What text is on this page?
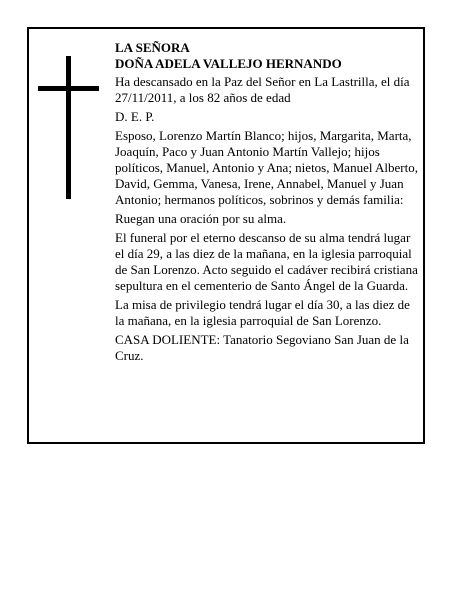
LA SEÑORA
DOÑA ADELA VALLEJO HERNANDO

Ha descansado en la Paz del Señor en La Lastrilla, el día 27/11/2011, a los 82 años de edad

D. E. P.

Esposo, Lorenzo Martín Blanco; hijos, Margarita, Marta, Joaquín, Paco y Juan Antonio Martín Vallejo; hijos políticos, Manuel, Antonio y Ana; nietos, Manuel Alberto, David, Gemma, Vanesa, Irene, Annabel, Manuel y Juan Antonio; hermanos políticos, sobrinos y demás familia:

Ruegan una oración por su alma.

El funeral por el eterno descanso de su alma tendrá lugar el día 29, a las diez de la mañana, en la iglesia parroquial de San Lorenzo. Acto seguido el cadáver recibirá cristiana sepultura en el cementerio de Santo Ángel de la Guarda.

La misa de privilegio tendrá lugar el día 30, a las diez de la mañana, en la iglesia parroquial de San Lorenzo.

CASA DOLIENTE: Tanatorio Segoviano San Juan de la Cruz.
